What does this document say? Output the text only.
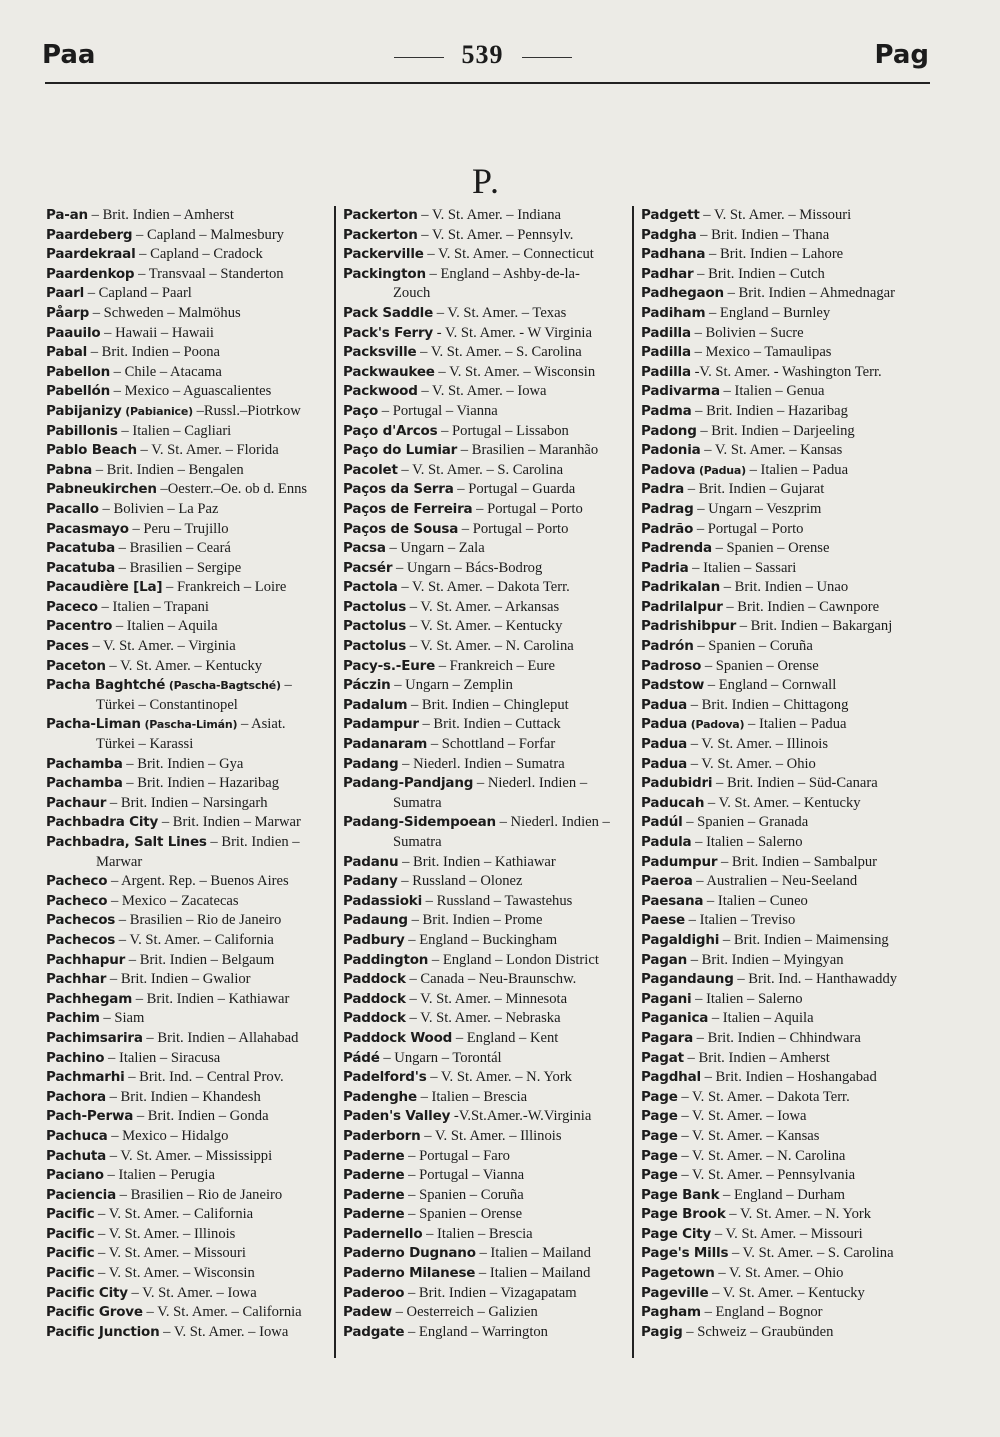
Paa	539	Pag
P.
Pa-an – Brit. Indien – Amherst
Paardeberg – Capland – Malmesbury
Paardekraal – Capland – Cradock
Paardenkop – Transvaal – Standerton
Paarl – Capland – Paarl
Påarp – Schweden – Malmöhus
Paauilo – Hawaii – Hawaii
Pabal – Brit. Indien – Poona
Pabellon – Chile – Atacama
Pabellón – Mexico – Aguascalientes
Pabijanizy (Pabianice) –Russl.–Piotrkow
Pabillonis – Italien – Cagliari
Pablo Beach – V. St. Amer. – Florida
Pabna – Brit. Indien – Bengalen
Pabneukirchen –Oesterr.–Oe. ob d. Enns
Pacallo – Bolivien – La Paz
Pacasmayo – Peru – Trujillo
Pacatuba – Brasilien – Ceará
Pacatuba – Brasilien – Sergipe
Pacaudière [La] – Frankreich – Loire
Paceco – Italien – Trapani
Pacentro – Italien – Aquila
Paces – V. St. Amer. – Virginia
Paceton – V. St. Amer. – Kentucky
Pacha Baghtché (Pascha-Bagtsché) –
Türkei – Constantinopel
Pacha-Liman (Pascha-Limán) – Asiat.
Türkei – Karassi
Pachamba – Brit. Indien – Gya
Pachamba – Brit. Indien – Hazaribag
Pachaur – Brit. Indien – Narsingarh
Pachbadra City – Brit. Indien – Marwar
Pachbadra, Salt Lines – Brit. Indien –
Marwar
Pacheco – Argent. Rep. – Buenos Aires
Pacheco – Mexico – Zacatecas
Pachecos – Brasilien – Rio de Janeiro
Pachecos – V. St. Amer. – California
Pachhapur – Brit. Indien – Belgaum
Pachhar – Brit. Indien – Gwalior
Pachhegam – Brit. Indien – Kathiawar
Pachim – Siam
Pachimsarira – Brit. Indien – Allahabad
Pachino – Italien – Siracusa
Pachmarhi – Brit. Ind. – Central Prov.
Pachora – Brit. Indien – Khandesh
Pach-Perwa – Brit. Indien – Gonda
Pachuca – Mexico – Hidalgo
Pachuta – V. St. Amer. – Mississippi
Paciano – Italien – Perugia
Paciencia – Brasilien – Rio de Janeiro
Pacific – V. St. Amer. – California
Pacific – V. St. Amer. – Illinois
Pacific – V. St. Amer. – Missouri
Pacific – V. St. Amer. – Wisconsin
Pacific City – V. St. Amer. – Iowa
Pacific Grove – V. St. Amer. – California
Pacific Junction – V. St. Amer. – Iowa
Packerton – V. St. Amer. – Indiana
Packerton – V. St. Amer. – Pennsylv.
Packerville – V. St. Amer. – Connecticut
Packington – England – Ashby-de-la-
Zouch
Pack Saddle – V. St. Amer. – Texas
Pack's Ferry - V. St. Amer. - W Virginia
Packsville – V. St. Amer. – S. Carolina
Packwaukee – V. St. Amer. – Wisconsin
Packwood – V. St. Amer. – Iowa
Paço – Portugal – Vianna
Paço d'Arcos – Portugal – Lissabon
Paço do Lumiar – Brasilien – Maranhão
Pacolet – V. St. Amer. – S. Carolina
Paços da Serra – Portugal – Guarda
Paços de Ferreira – Portugal – Porto
Paços de Sousa – Portugal – Porto
Pacsa – Ungarn – Zala
Pacsér – Ungarn – Bács-Bodrog
Pactola – V. St. Amer. – Dakota Terr.
Pactolus – V. St. Amer. – Arkansas
Pactolus – V. St. Amer. – Kentucky
Pactolus – V. St. Amer. – N. Carolina
Pacy-s.-Eure – Frankreich – Eure
Páczin – Ungarn – Zemplin
Padalum – Brit. Indien – Chingleput
Padampur – Brit. Indien – Cuttack
Padanaram – Schottland – Forfar
Padang – Niederl. Indien – Sumatra
Padang-Pandjang – Niederl. Indien –
Sumatra
Padang-Sidempoean – Niederl. Indien –
Sumatra
Padanu – Brit. Indien – Kathiawar
Padany – Russland – Olonez
Padassioki – Russland – Tawastehus
Padaung – Brit. Indien – Prome
Padbury – England – Buckingham
Paddington – England – London District
Paddock – Canada – Neu-Braunschw.
Paddock – V. St. Amer. – Minnesota
Paddock – V. St. Amer. – Nebraska
Paddock Wood – England – Kent
Pádé – Ungarn – Torontál
Padelford's – V. St. Amer. – N. York
Padenghe – Italien – Brescia
Paden's Valley -V.St.Amer.-W.Virginia
Paderborn – V. St. Amer. – Illinois
Paderne – Portugal – Faro
Paderne – Portugal – Vianna
Paderne – Spanien – Coruña
Paderne – Spanien – Orense
Padernello – Italien – Brescia
Paderno Dugnano – Italien – Mailand
Paderno Milanese – Italien – Mailand
Paderoo – Brit. Indien – Vizagapatam
Padew – Oesterreich – Galizien
Padgate – England – Warrington
Padgett – V. St. Amer. – Missouri
Padgha – Brit. Indien – Thana
Padhana – Brit. Indien – Lahore
Padhar – Brit. Indien – Cutch
Padhegaon – Brit. Indien – Ahmednagar
Padiham – England – Burnley
Padilla – Bolivien – Sucre
Padilla – Mexico – Tamaulipas
Padilla -V. St. Amer. - Washington Terr.
Padivarma – Italien – Genua
Padma – Brit. Indien – Hazaribag
Padong – Brit. Indien – Darjeeling
Padonia – V. St. Amer. – Kansas
Padova (Padua) – Italien – Padua
Padra – Brit. Indien – Gujarat
Padrag – Ungarn – Veszprim
Padrão – Portugal – Porto
Padrenda – Spanien – Orense
Padria – Italien – Sassari
Padrikalan – Brit. Indien – Unao
Padrilalpur – Brit. Indien – Cawnpore
Padrishibpur – Brit. Indien – Bakarganj
Padrón – Spanien – Coruña
Padroso – Spanien – Orense
Padstow – England – Cornwall
Padua – Brit. Indien – Chittagong
Padua (Padova) – Italien – Padua
Padua – V. St. Amer. – Illinois
Padua – V. St. Amer. – Ohio
Padubidri – Brit. Indien – Süd-Canara
Paducah – V. St. Amer. – Kentucky
Padúl – Spanien – Granada
Padula – Italien – Salerno
Padumpur – Brit. Indien – Sambalpur
Paeroa – Australien – Neu-Seeland
Paesana – Italien – Cuneo
Paese – Italien – Treviso
Pagaldighi – Brit. Indien – Maimensing
Pagan – Brit. Indien – Myingyan
Pagandaung – Brit. Ind. – Hanthawaddy
Pagani – Italien – Salerno
Paganica – Italien – Aquila
Pagara – Brit. Indien – Chhindwara
Pagat – Brit. Indien – Amherst
Pagdhal – Brit. Indien – Hoshangabad
Page – V. St. Amer. – Dakota Terr.
Page – V. St. Amer. – Iowa
Page – V. St. Amer. – Kansas
Page – V. St. Amer. – N. Carolina
Page – V. St. Amer. – Pennsylvania
Page Bank – England – Durham
Page Brook – V. St. Amer. – N. York
Page City – V. St. Amer. – Missouri
Page's Mills – V. St. Amer. – S. Carolina
Pagetown – V. St. Amer. – Ohio
Pageville – V. St. Amer. – Kentucky
Pagham – England – Bognor
Pagig – Schweiz – Graubünden
